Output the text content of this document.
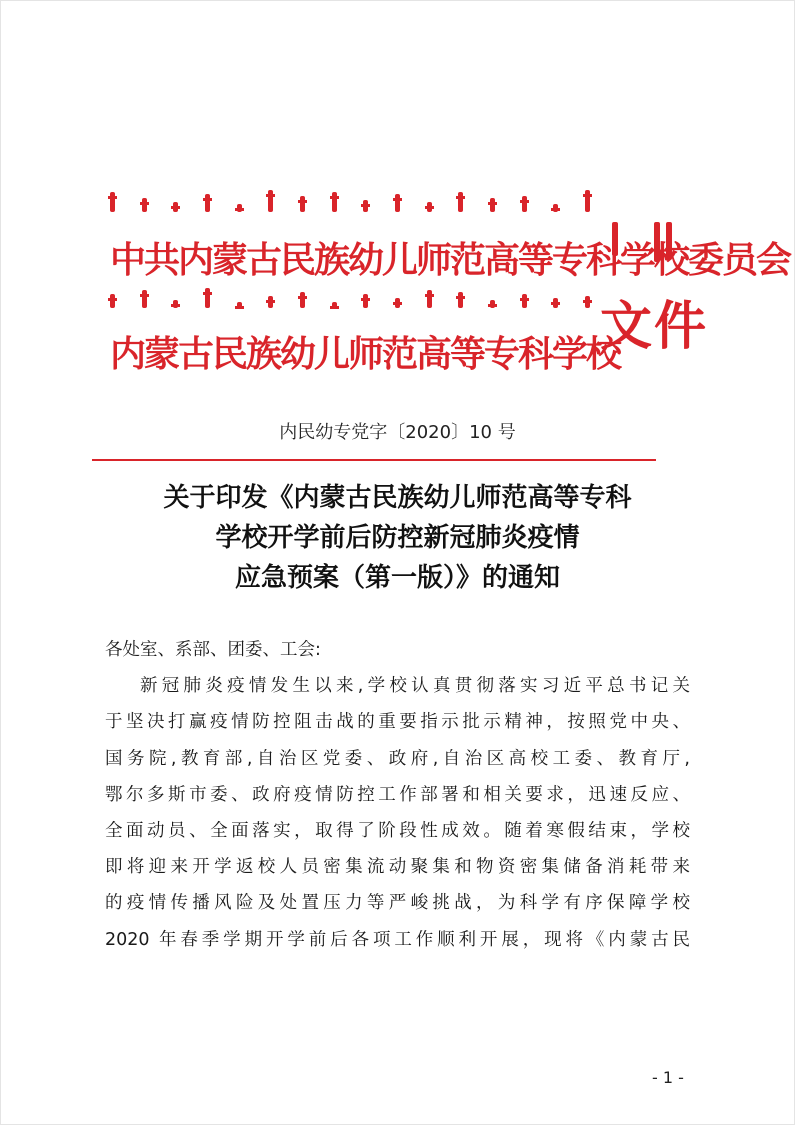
中共内蒙古民族幼儿师范高等专科学校委员会
内蒙古民族幼儿师范高等专科学校
文件
内民幼专党字〔2020〕10 号
关于印发《内蒙古民族幼儿师范高等专科
学校开学前后防控新冠肺炎疫情
应急预案（第一版）》的通知

各处室、系部、团委、工会:

新冠肺炎疫情发生以来,学校认真贯彻落实习近平总书记关
于坚决打赢疫情防控阻击战的重要指示批示精神，按照党中央、
国务院,教育部,自治区党委、政府,自治区高校工委、教育厅,
鄂尔多斯市委、政府疫情防控工作部署和相关要求，迅速反应、
全面动员、全面落实，取得了阶段性成效。随着寒假结束，学校
即将迎来开学返校人员密集流动聚集和物资密集储备消耗带来
的疫情传播风险及处置压力等严峻挑战，为科学有序保障学校
2020 年春季学期开学前后各项工作顺利开展，现将《内蒙古民
- 1 -
